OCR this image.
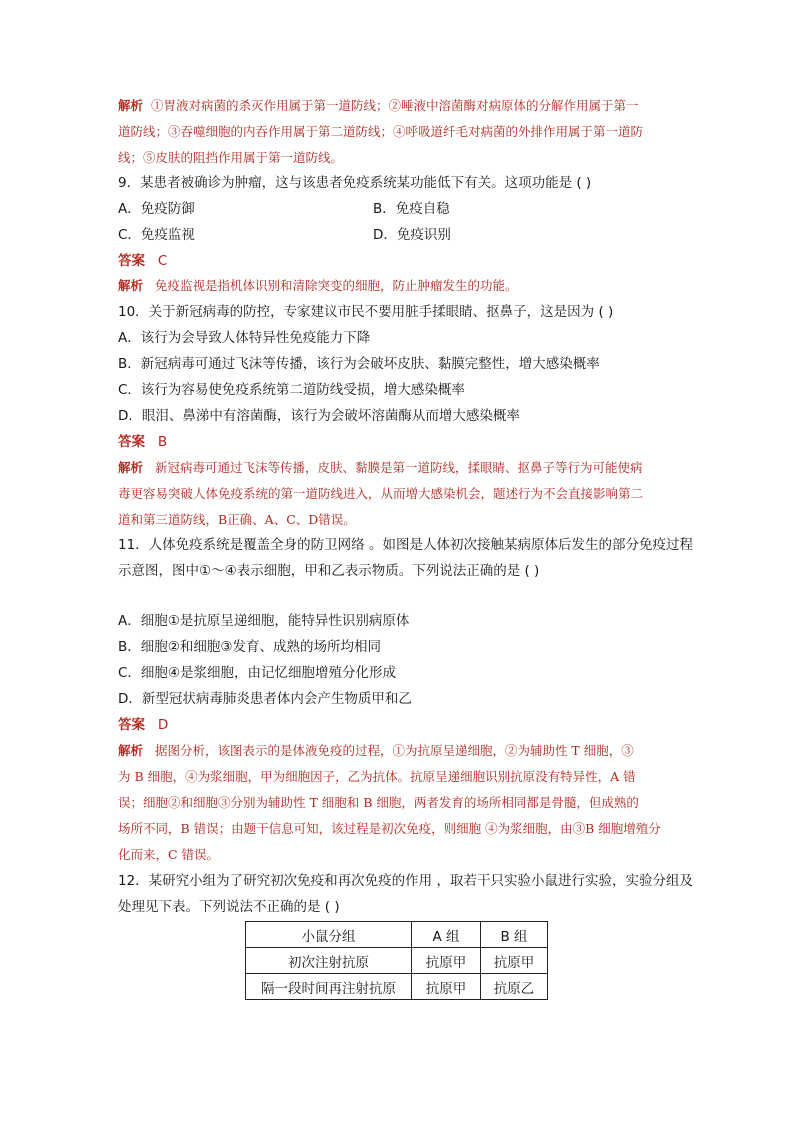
解析 ①胃液对病菌的杀灭作用属于第一道防线；②唾液中溶菌酶对病原体的分解作用属于第一
道防线；③吞噬细胞的内吞作用属于第二道防线；④呼吸道纤毛对病菌的外排作用属于第一道防
线；⑤皮肤的阻挡作用属于第一道防线。
9．某患者被确诊为肿瘤，这与该患者免疫系统某功能低下有关。这项功能是 ( )
A．免疫防御	B．免疫自稳
C．免疫监视	D．免疫识别
答案 C
解析 免疫监视是指机体识别和清除突变的细胞，防止肿瘤发生的功能。
10．关于新冠病毒的防控，专家建议市民不要用脏手揉眼睛、抠鼻子，这是因为 ( )
A．该行为会导致人体特异性免疫能力下降
B．新冠病毒可通过飞沫等传播，该行为会破坏皮肤、黏膜完整性，增大感染概率
C．该行为容易使免疫系统第二道防线受损，增大感染概率
D．眼泪、鼻涕中有溶菌酶，该行为会破坏溶菌酶从而增大感染概率
答案 B
解析 新冠病毒可通过飞沫等传播，皮肤、黏膜是第一道防线，揉眼睛、抠鼻子等行为可能使病
毒更容易突破人体免疫系统的第一道防线进入，从而增大感染机会，题述行为不会直接影响第二
道和第三道防线，B正确、A、C、D错误。
11．人体免疫系统是覆盖全身的防卫网络 。如图是人体初次接触某病原体后发生的部分免疫过程
示意图，图中①～④表示细胞，甲和乙表示物质。下列说法正确的是 ( )
A．细胞①是抗原呈递细胞，能特异性识别病原体
B．细胞②和细胞③发育、成熟的场所均相同
C．细胞④是浆细胞，由记忆细胞增殖分化形成
D．新型冠状病毒肺炎患者体内会产生物质甲和乙
答案 D
解析 据图分析，该图表示的是体液免疫的过程，①为抗原呈递细胞，②为辅助性 T 细胞，③
为 B 细胞，④为浆细胞，甲为细胞因子，乙为抗体。抗原呈递细胞识别抗原没有特异性，A 错
误；细胞②和细胞③分别为辅助性 T 细胞和 B 细胞，两者发育的场所相同都是骨髓，但成熟的
场所不同，B 错误；由题干信息可知，该过程是初次免疫，则细胞 ④为浆细胞，由③B 细胞增殖分
化而来，C 错误。
12．某研究小组为了研究初次免疫和再次免疫的作用 ，取若干只实验小鼠进行实验，实验分组及
处理见下表。下列说法不正确的是 ( )
小鼠分组	A 组	B 组
初次注射抗原	抗原甲	抗原甲
隔一段时间再注射抗原	抗原甲	抗原乙
